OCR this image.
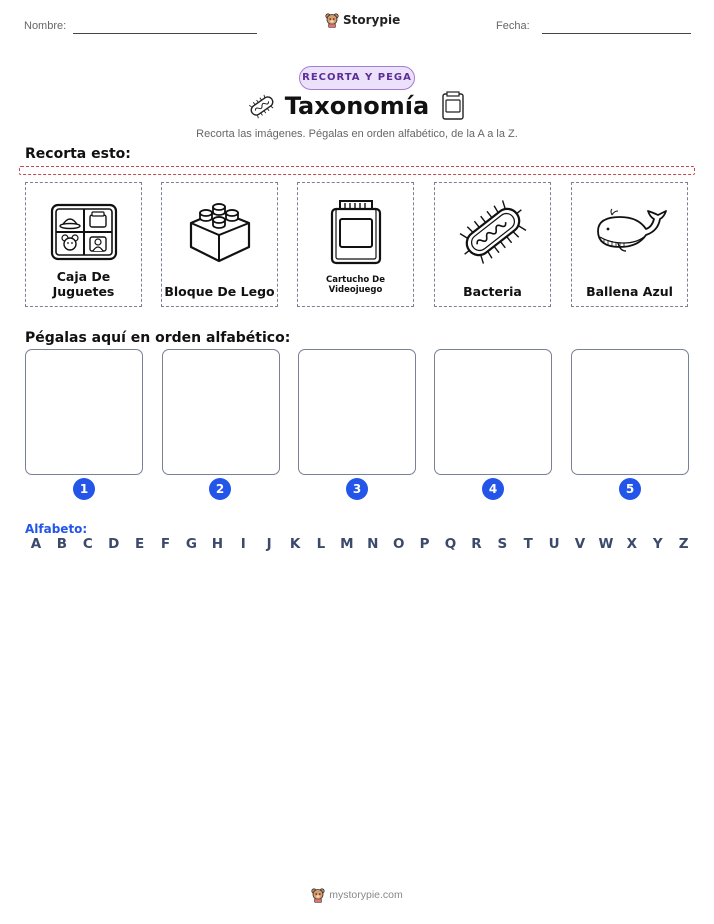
Nombre:	Storypie	Fecha:
RECORTA Y PEGA
Taxonomía
Recorta las imágenes. Pégalas en orden alfabético, de la A a la Z.
Recorta esto:
Caja De Juguetes	Bloque De Lego
Cartucho De Videojuego	Bacteria	Ballena Azul
Pégalas aquí en orden alfabético:
1	2	3	4	5
Alfabeto:
A	B	C	D	E	F	G	H	I	J	K	L	M	N	O	P	Q	R	S	T	U	V W X	Y	Z
mystorypie.com
